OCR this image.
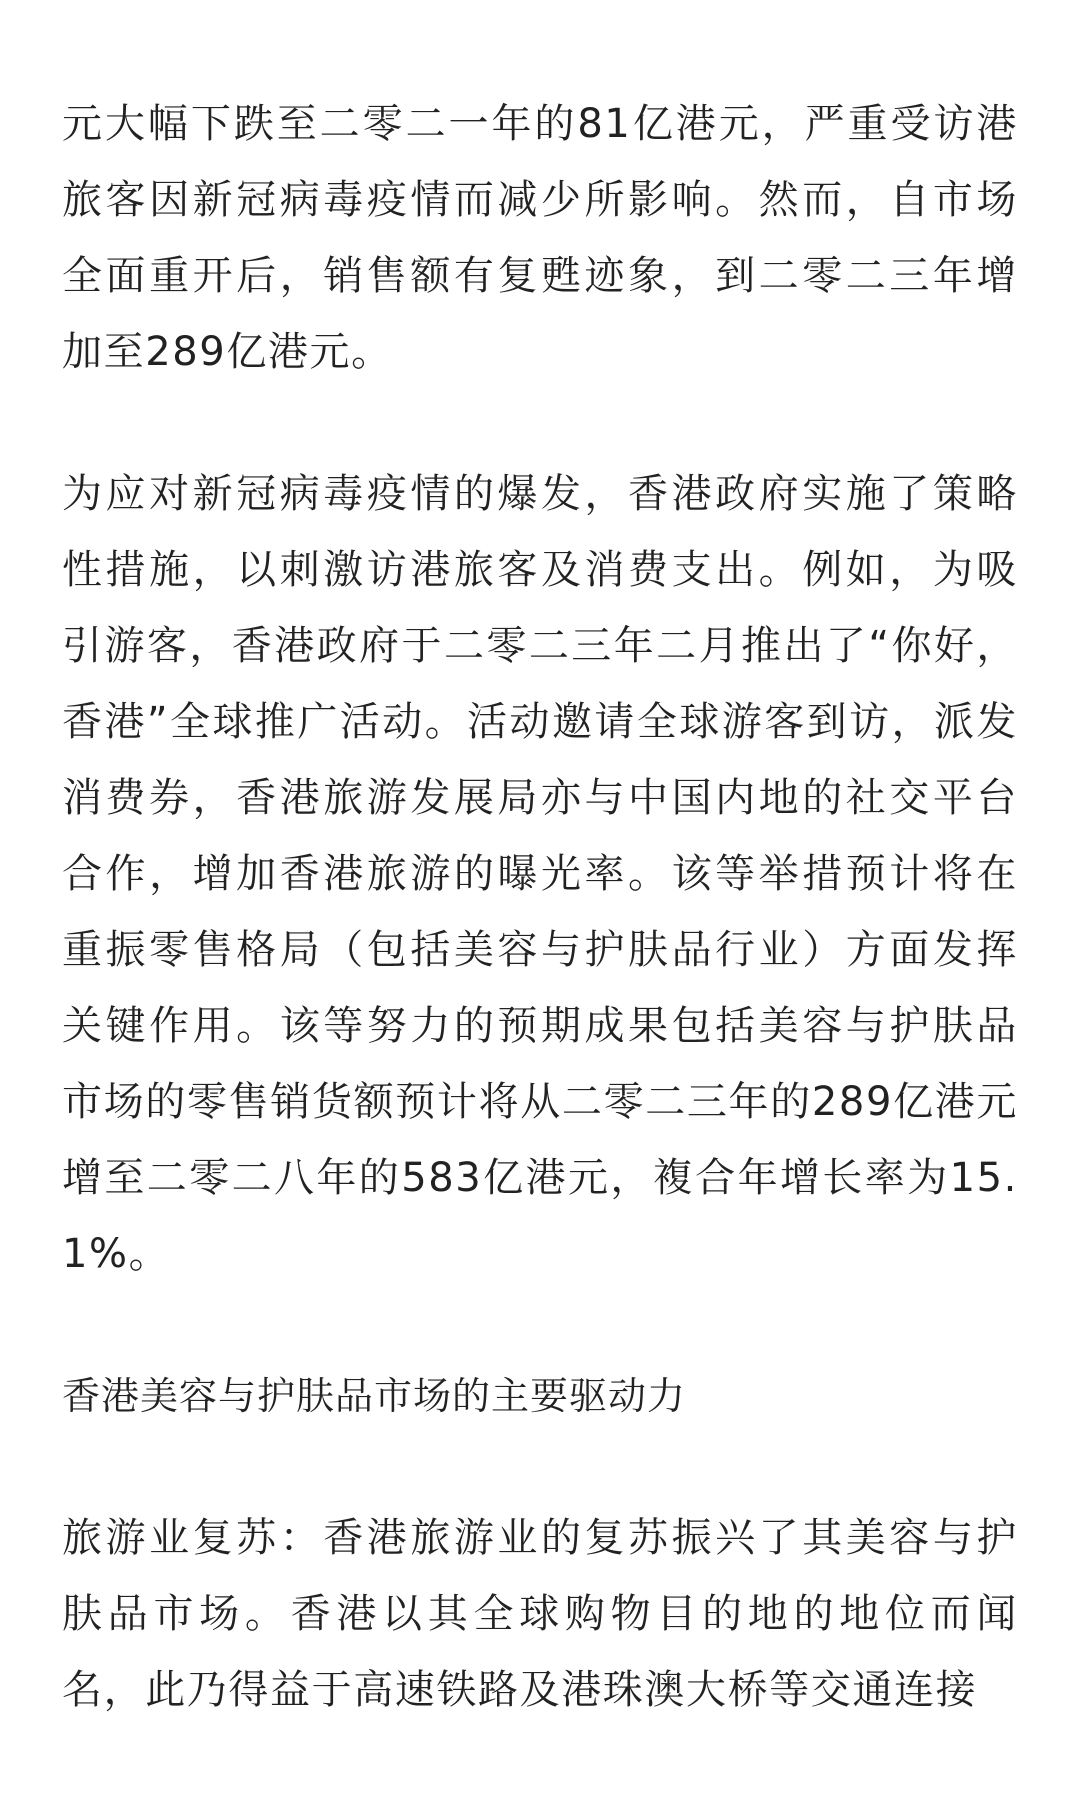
元大幅下跌至二零二一年的81亿港元，严重受访港旅客因新冠病毒疫情而减少所影响。然而，自市场全面重开后，销售额有复甦迹象，到二零二三年增加至289亿港元。

为应对新冠病毒疫情的爆发，香港政府实施了策略性措施，以刺激访港旅客及消费支出。例如，为吸引游客，香港政府于二零二三年二月推出了“你好，香港”全球推广活动。活动邀请全球游客到访，派发消费券，香港旅游发展局亦与中国内地的社交平台合作，增加香港旅游的曝光率。该等举措预计将在重振零售格局（包括美容与护肤品行业）方面发挥关键作用。该等努力的预期成果包括美容与护肤品市场的零售销货额预计将从二零二三年的289亿港元增至二零二八年的583亿港元，複合年增长率为15.1%。

香港美容与护肤品市场的主要驱动力

旅游业复苏：香港旅游业的复苏振兴了其美容与护肤品市场。香港以其全球购物目的地的地位而闻名，此乃得益于高速铁路及港珠澳大桥等交通连接
